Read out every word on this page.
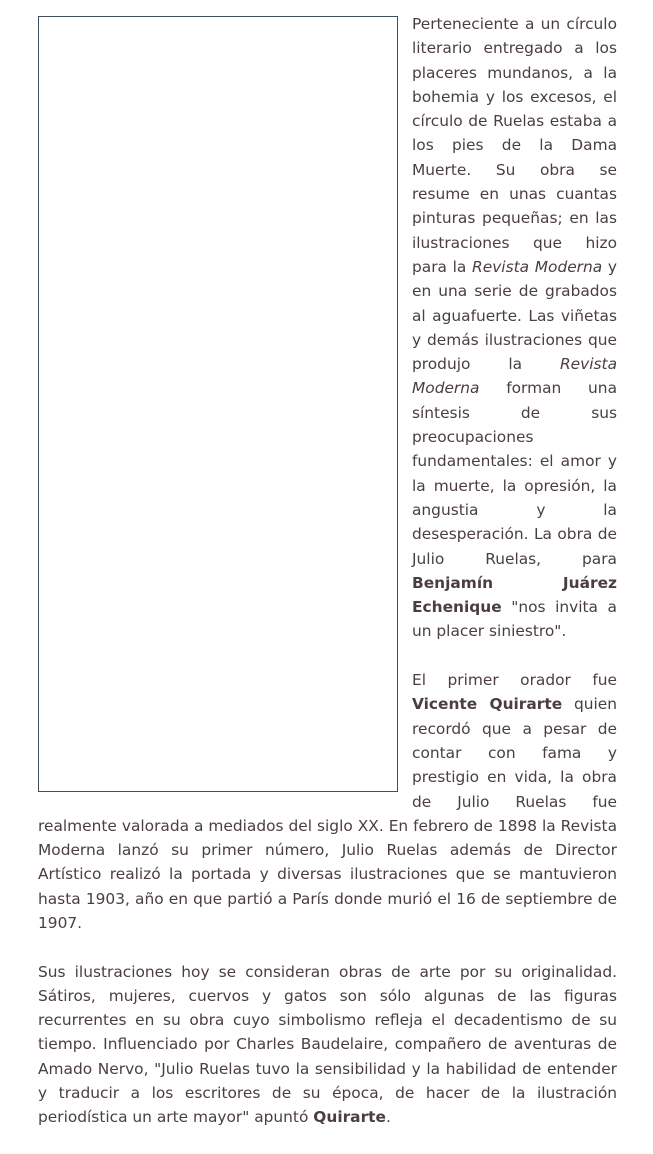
Perteneciente a un círculo literario entregado a los placeres mundanos, a la bohemia y los excesos, el círculo de Ruelas estaba a los pies de la Dama Muerte. Su obra se resume en unas cuantas pinturas pequeñas; en las ilustraciones que hizo para la Revista Moderna y en una serie de grabados al aguafuerte. Las viñetas y demás ilustraciones que produjo la Revista Moderna forman una síntesis de sus preocupaciones fundamentales: el amor y la muerte, la opresión, la angustia y la desesperación. La obra de Julio Ruelas, para Benjamín Juárez Echenique "nos invita a un placer siniestro".

El primer orador fue Vicente Quirarte quien recordó que a pesar de contar con fama y prestigio en vida, la obra de Julio Ruelas fue realmente valorada a mediados del siglo XX. En febrero de 1898 la Revista Moderna lanzó su primer número, Julio Ruelas además de Director Artístico realizó la portada y diversas ilustraciones que se mantuvieron hasta 1903, año en que partió a París donde murió el 16 de septiembre de 1907.

Sus ilustraciones hoy se consideran obras de arte por su originalidad. Sátiros, mujeres, cuervos y gatos son sólo algunas de las figuras recurrentes en su obra cuyo simbolismo refleja el decadentismo de su tiempo. Influenciado por Charles Baudelaire, compañero de aventuras de Amado Nervo, "Julio Ruelas tuvo la sensibilidad y la habilidad de entender y traducir a los escritores de su época, de hacer de la ilustración periodística un arte mayor" apuntó Quirarte.
